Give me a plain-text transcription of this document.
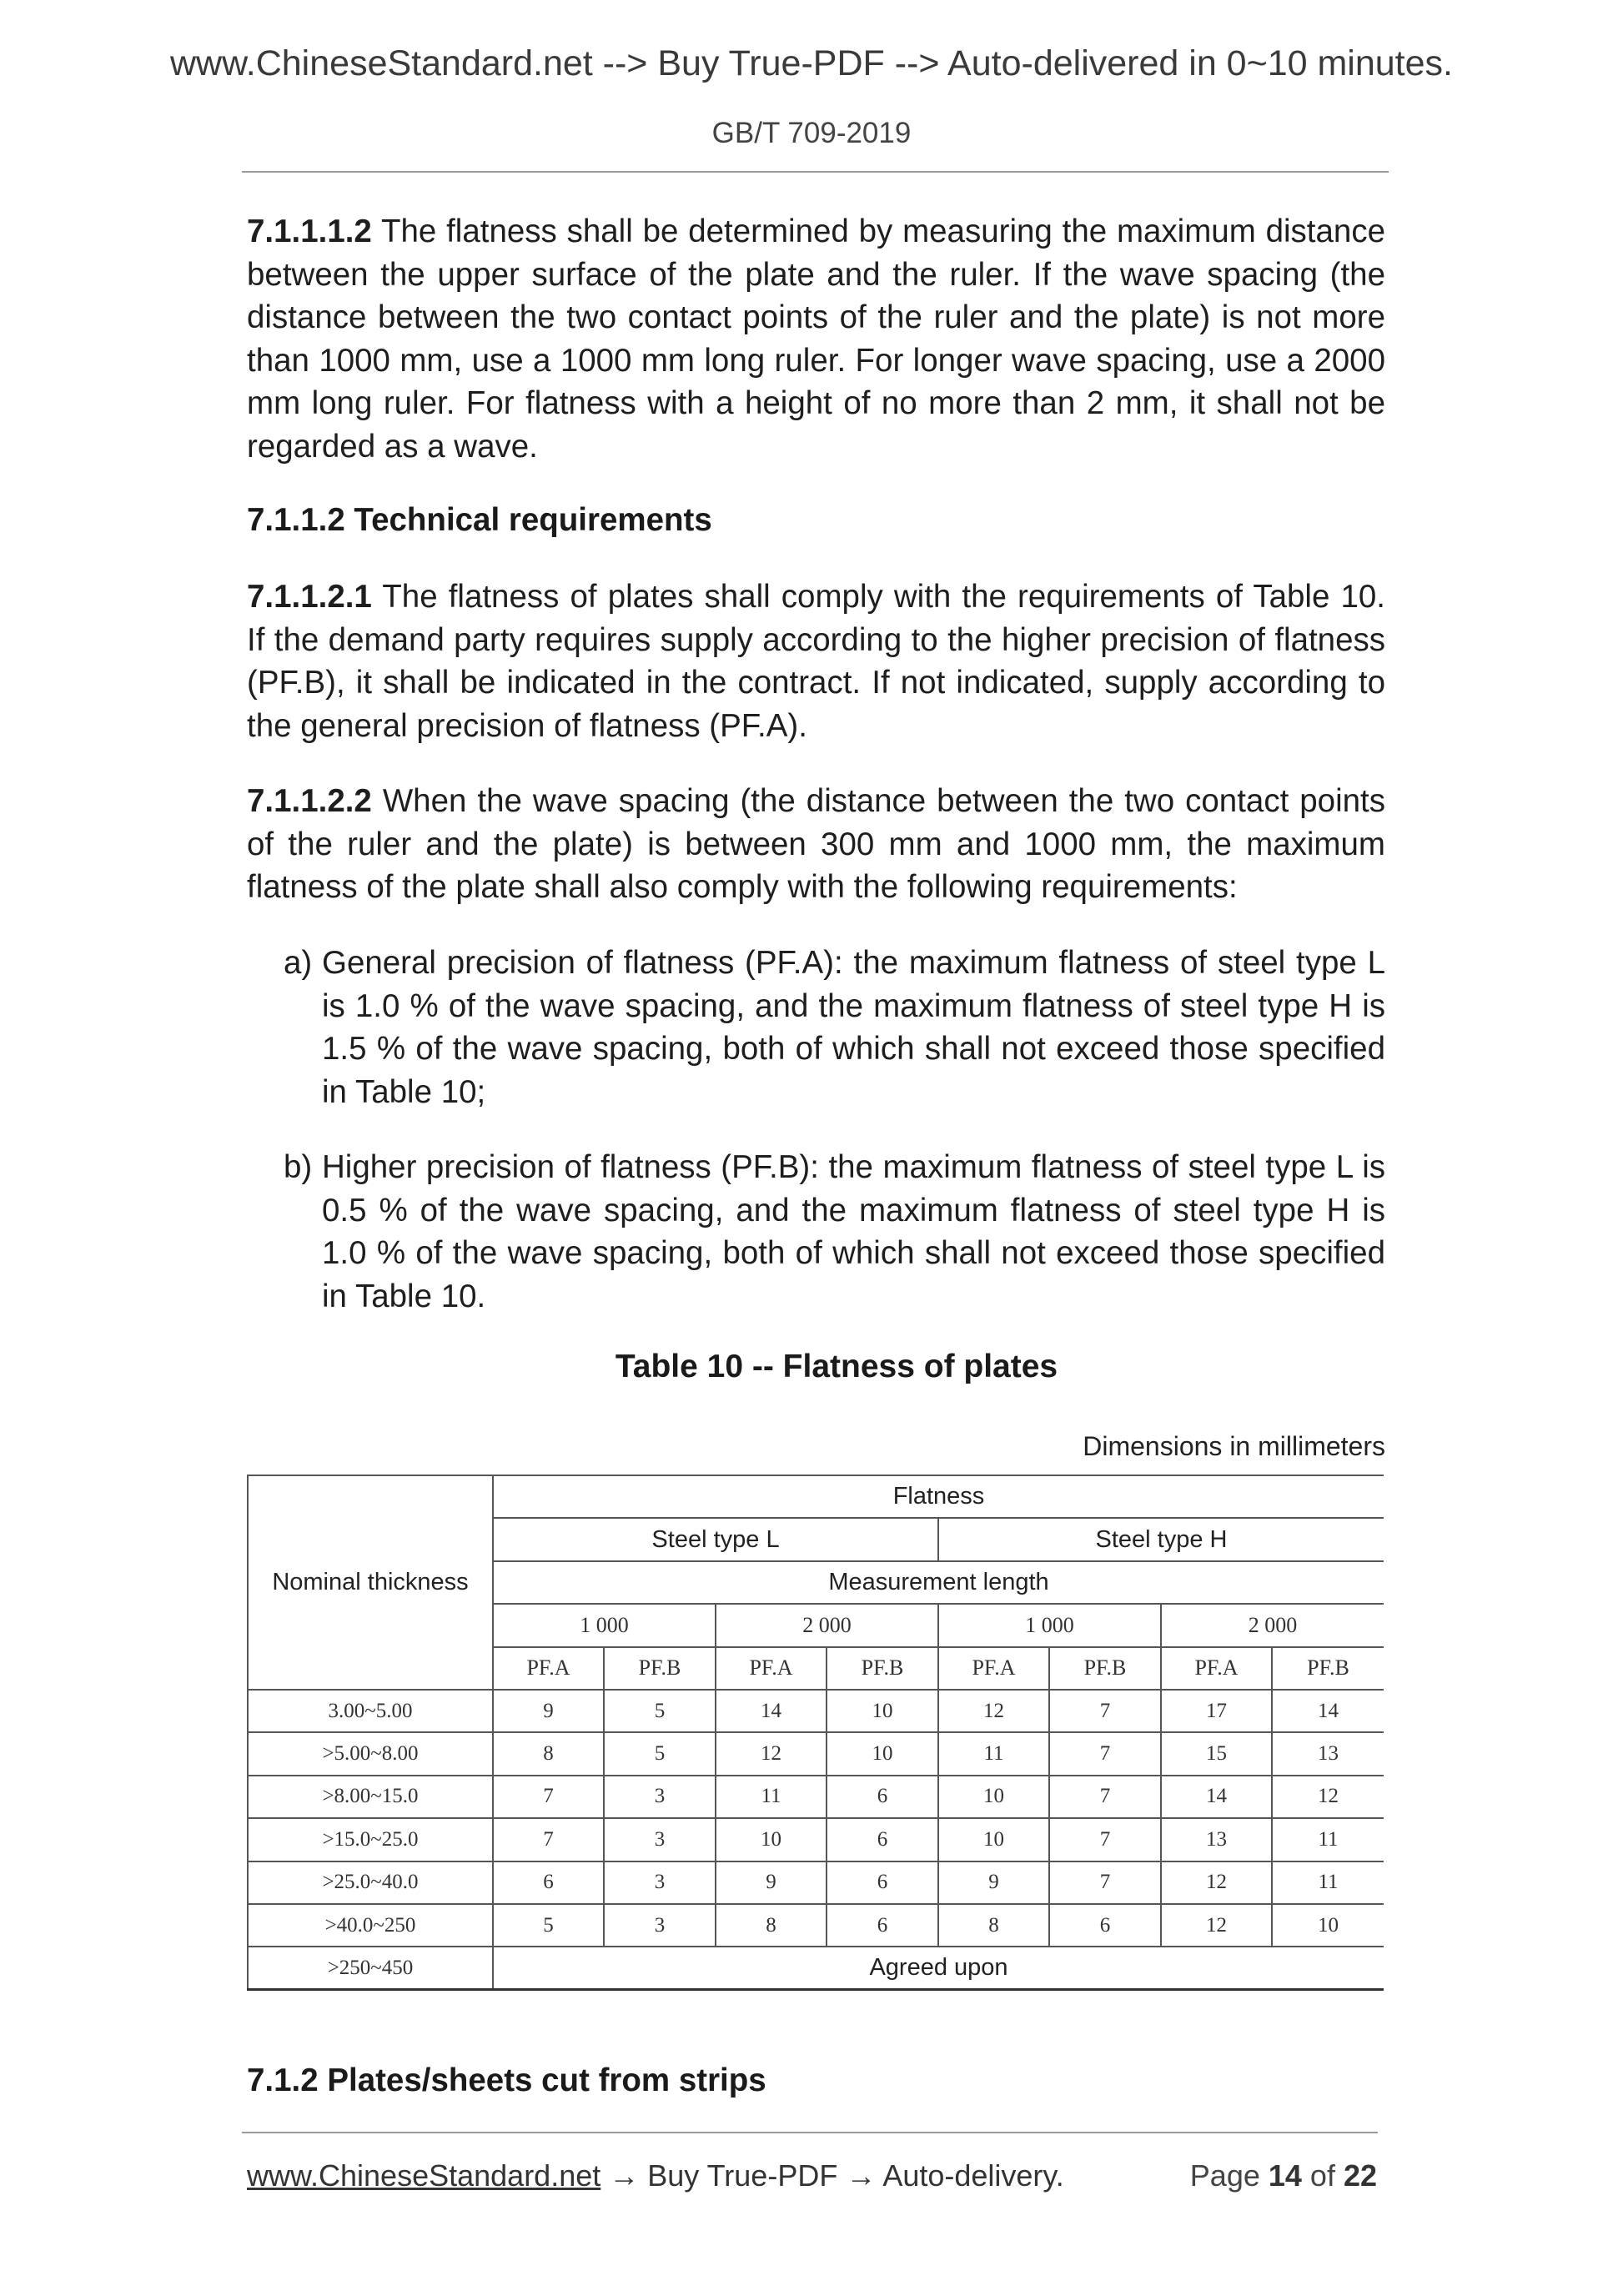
www.ChineseStandard.net --> Buy True-PDF --> Auto-delivered in 0~10 minutes.
GB/T 709-2019
7.1.1.1.2 The flatness shall be determined by measuring the maximum distance between the upper surface of the plate and the ruler. If the wave spacing (the distance between the two contact points of the ruler and the plate) is not more than 1000 mm, use a 1000 mm long ruler. For longer wave spacing, use a 2000 mm long ruler. For flatness with a height of no more than 2 mm, it shall not be regarded as a wave.
7.1.1.2 Technical requirements
7.1.1.2.1 The flatness of plates shall comply with the requirements of Table 10. If the demand party requires supply according to the higher precision of flatness (PF.B), it shall be indicated in the contract. If not indicated, supply according to the general precision of flatness (PF.A).
7.1.1.2.2 When the wave spacing (the distance between the two contact points of the ruler and the plate) is between 300 mm and 1000 mm, the maximum flatness of the plate shall also comply with the following requirements:
a) General precision of flatness (PF.A): the maximum flatness of steel type L is 1.0 % of the wave spacing, and the maximum flatness of steel type H is 1.5 % of the wave spacing, both of which shall not exceed those specified in Table 10;
b) Higher precision of flatness (PF.B): the maximum flatness of steel type L is 0.5 % of the wave spacing, and the maximum flatness of steel type H is 1.0 % of the wave spacing, both of which shall not exceed those specified in Table 10.
Table 10 -- Flatness of plates
Dimensions in millimeters
Nominal thickness	Flatness							
	Steel type L				Steel type H			
	Measurement length							
	1 000		2 000		1 000		2 000	
	PF.A	PF.B	PF.A	PF.B	PF.A	PF.B	PF.A	PF.B
3.00~5.00	9	5	14	10	12	7	17	14
>5.00~8.00	8	5	12	10	11	7	15	13
>8.00~15.0	7	3	11	6	10	7	14	12
>15.0~25.0	7	3	10	6	10	7	13	11
>25.0~40.0	6	3	9	6	9	7	12	11
>40.0~250	5	3	8	6	8	6	12	10
>250~450	Agreed upon							
7.1.2 Plates/sheets cut from strips
www.ChineseStandard.net → Buy True-PDF → Auto-delivery.	Page 14 of 22
